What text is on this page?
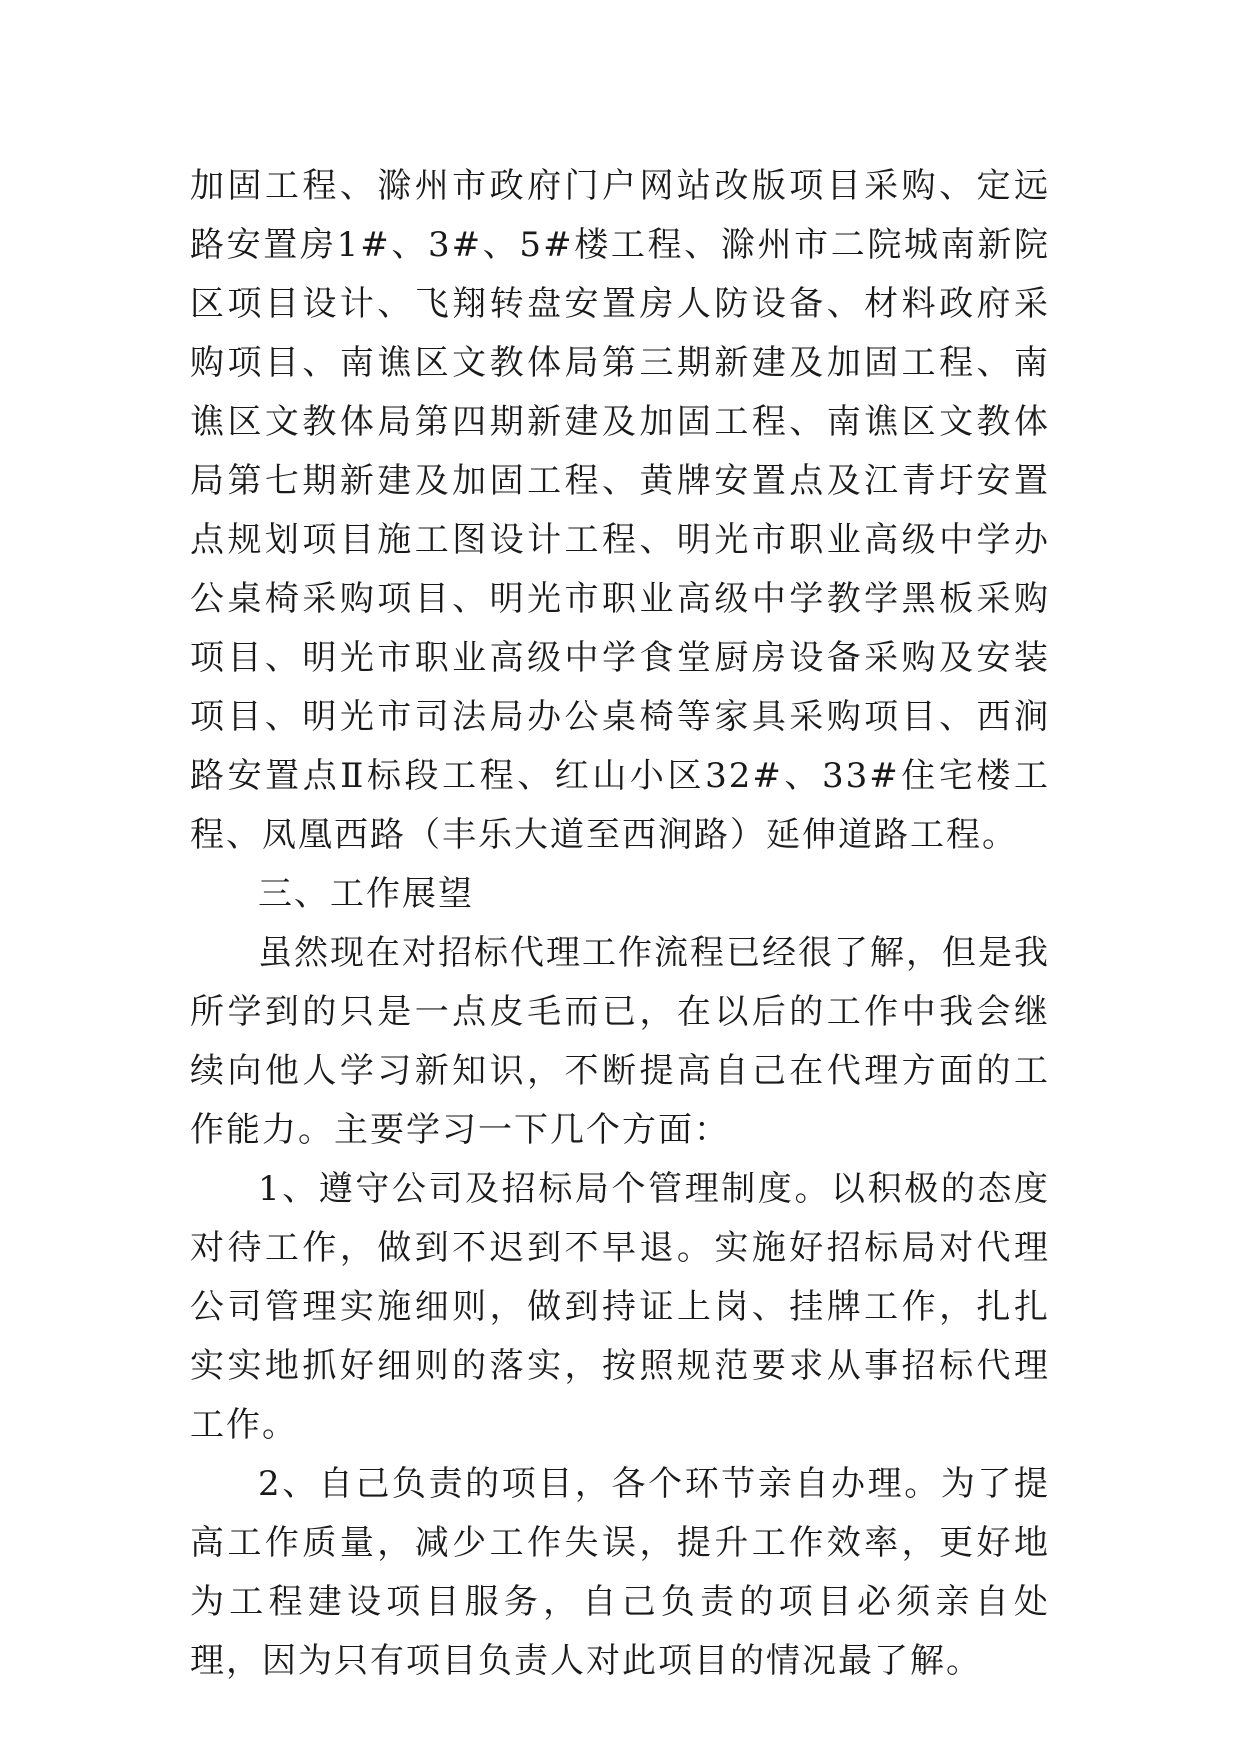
加固工程、滁州市政府门户网站改版项目采购、定远路安置房1#、3#、5#楼工程、滁州市二院城南新院区项目设计、飞翔转盘安置房人防设备、材料政府采购项目、南谯区文教体局第三期新建及加固工程、南谯区文教体局第四期新建及加固工程、南谯区文教体局第七期新建及加固工程、黄牌安置点及江青圩安置点规划项目施工图设计工程、明光市职业高级中学办公桌椅采购项目、明光市职业高级中学教学黑板采购项目、明光市职业高级中学食堂厨房设备采购及安装项目、明光市司法局办公桌椅等家具采购项目、西涧路安置点Ⅱ标段工程、红山小区32#、33#住宅楼工程、凤凰西路（丰乐大道至西涧路）延伸道路工程。

三、工作展望

虽然现在对招标代理工作流程已经很了解，但是我所学到的只是一点皮毛而已，在以后的工作中我会继续向他人学习新知识，不断提高自己在代理方面的工作能力。主要学习一下几个方面：

1、遵守公司及招标局个管理制度。以积极的态度对待工作，做到不迟到不早退。实施好招标局对代理公司管理实施细则，做到持证上岗、挂牌工作，扎扎实实地抓好细则的落实，按照规范要求从事招标代理工作。

2、自己负责的项目，各个环节亲自办理。为了提高工作质量，减少工作失误，提升工作效率，更好地为工程建设项目服务，自己负责的项目必须亲自处理，因为只有项目负责人对此项目的情况最了解。
